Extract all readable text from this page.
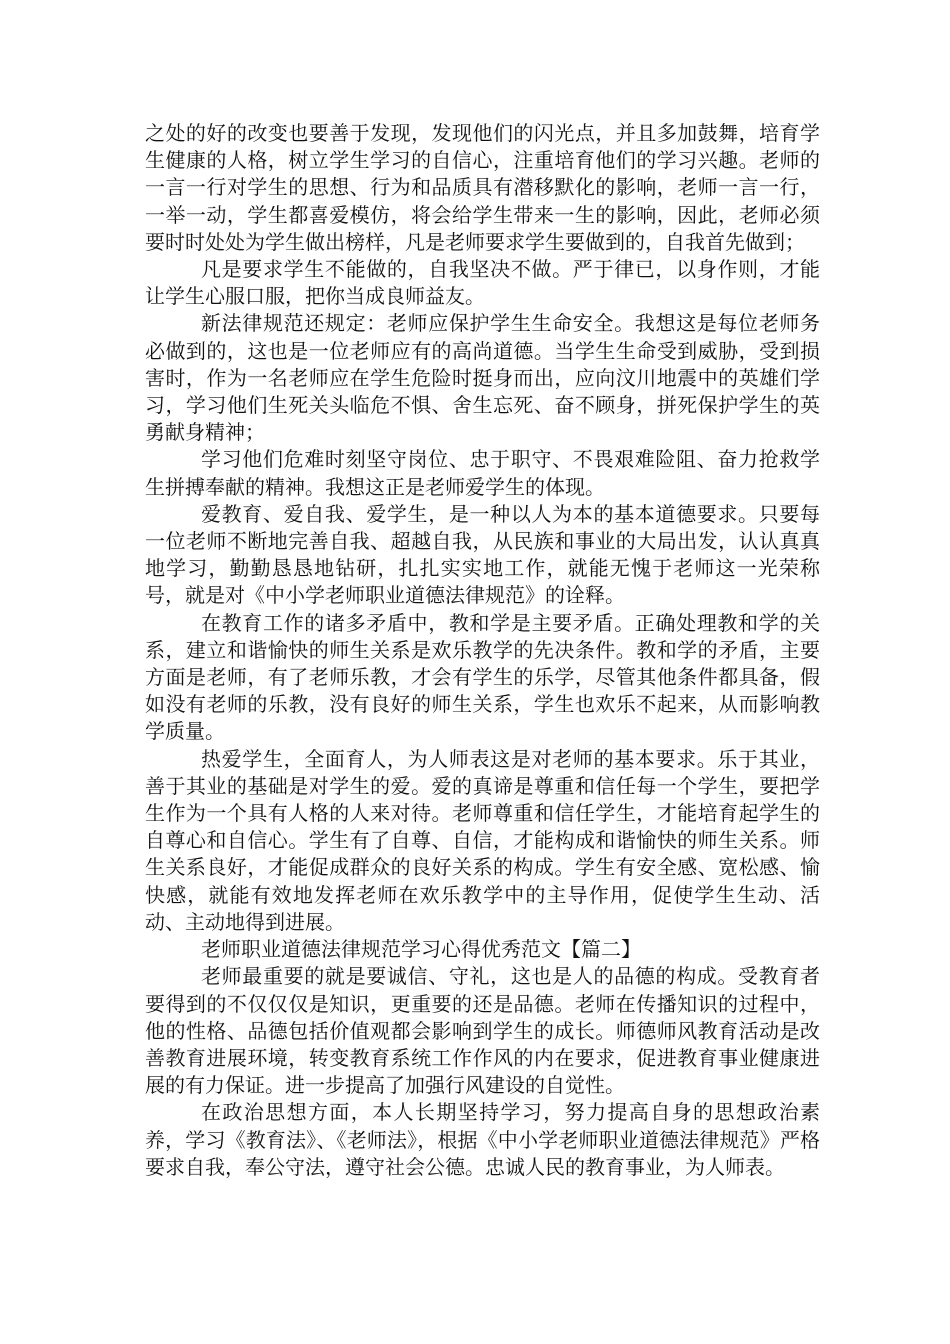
之处的好的改变也要善于发现，发现他们的闪光点，并且多加鼓舞，培育学生健康的人格，树立学生学习的自信心，注重培育他们的学习兴趣。老师的一言一行对学生的思想、行为和品质具有潜移默化的影响，老师一言一行，一举一动，学生都喜爱模仿，将会给学生带来一生的影响，因此，老师必须要时时处处为学生做出榜样，凡是老师要求学生要做到的，自我首先做到；

凡是要求学生不能做的，自我坚决不做。严于律已，以身作则，才能让学生心服口服，把你当成良师益友。

新法律规范还规定：老师应保护学生生命安全。我想这是每位老师务必做到的，这也是一位老师应有的高尚道德。当学生生命受到威胁，受到损害时，作为一名老师应在学生危险时挺身而出，应向汶川地震中的英雄们学习，学习他们生死关头临危不惧、舍生忘死、奋不顾身，拼死保护学生的英勇献身精神；

学习他们危难时刻坚守岗位、忠于职守、不畏艰难险阻、奋力抢救学生拼搏奉献的精神。我想这正是老师爱学生的体现。

爱教育、爱自我、爱学生，是一种以人为本的基本道德要求。只要每一位老师不断地完善自我、超越自我，从民族和事业的大局出发，认认真真地学习，勤勤恳恳地钻研，扎扎实实地工作，就能无愧于老师这一光荣称号，就是对《中小学老师职业道德法律规范》的诠释。

在教育工作的诸多矛盾中，教和学是主要矛盾。正确处理教和学的关系，建立和谐愉快的师生关系是欢乐教学的先决条件。教和学的矛盾，主要方面是老师，有了老师乐教，才会有学生的乐学，尽管其他条件都具备，假如没有老师的乐教，没有良好的师生关系，学生也欢乐不起来，从而影响教学质量。

热爱学生，全面育人，为人师表这是对老师的基本要求。乐于其业，善于其业的基础是对学生的爱。爱的真谛是尊重和信任每一个学生，要把学生作为一个具有人格的人来对待。老师尊重和信任学生，才能培育起学生的自尊心和自信心。学生有了自尊、自信，才能构成和谐愉快的师生关系。师生关系良好，才能促成群众的良好关系的构成。学生有安全感、宽松感、愉快感，就能有效地发挥老师在欢乐教学中的主导作用，促使学生生动、活动、主动地得到进展。

老师职业道德法律规范学习心得优秀范文【篇二】

老师最重要的就是要诚信、守礼，这也是人的品德的构成。受教育者要得到的不仅仅仅是知识，更重要的还是品德。老师在传播知识的过程中，他的性格、品德包括价值观都会影响到学生的成长。师德师风教育活动是改善教育进展环境，转变教育系统工作作风的内在要求，促进教育事业健康进展的有力保证。进一步提高了加强行风建设的自觉性。

在政治思想方面，本人长期坚持学习，努力提高自身的思想政治素养，学习《教育法》、《老师法》，根据《中小学老师职业道德法律规范》严格要求自我，奉公守法，遵守社会公德。忠诚人民的教育事业，为人师表。
